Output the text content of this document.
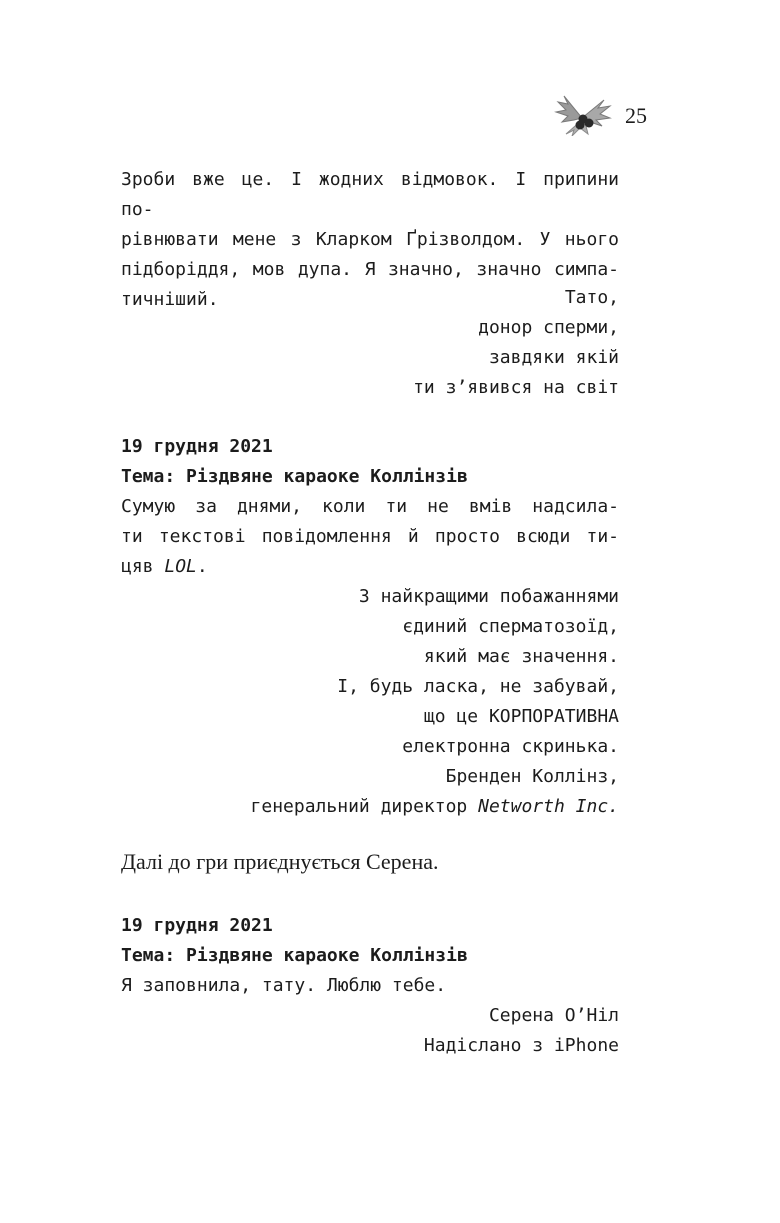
25

Зроби вже це. І жодних відмовок. І припини по-

рівнювати мене з Кларком Ґрізволдом. У нього

підборіддя, мов дупа. Я значно, значно симпа-

тичніший.	Тато,

донор сперми,

завдяки якій

ти з’явився на світ

19 грудня 2021

Тема: Різдвяне караоке Коллінзів

Сумую за днями, коли ти не вмів надсила-

ти текстові повідомлення й просто всюди ти-

цяв LOL.

З найкращими побажаннями

єдиний сперматозоїд,

який має значення.

І, будь ласка, не забувай,

що це КОРПОРАТИВНА

електронна скринька.

Бренден Коллінз,

генеральний директор Networth Inc.

Далі до гри приєднується Серена.

19 грудня 2021

Тема: Різдвяне караоке Коллінзів

Я заповнила, тату. Люблю тебе.

Серена О’Ніл

Надіслано з iPhone
